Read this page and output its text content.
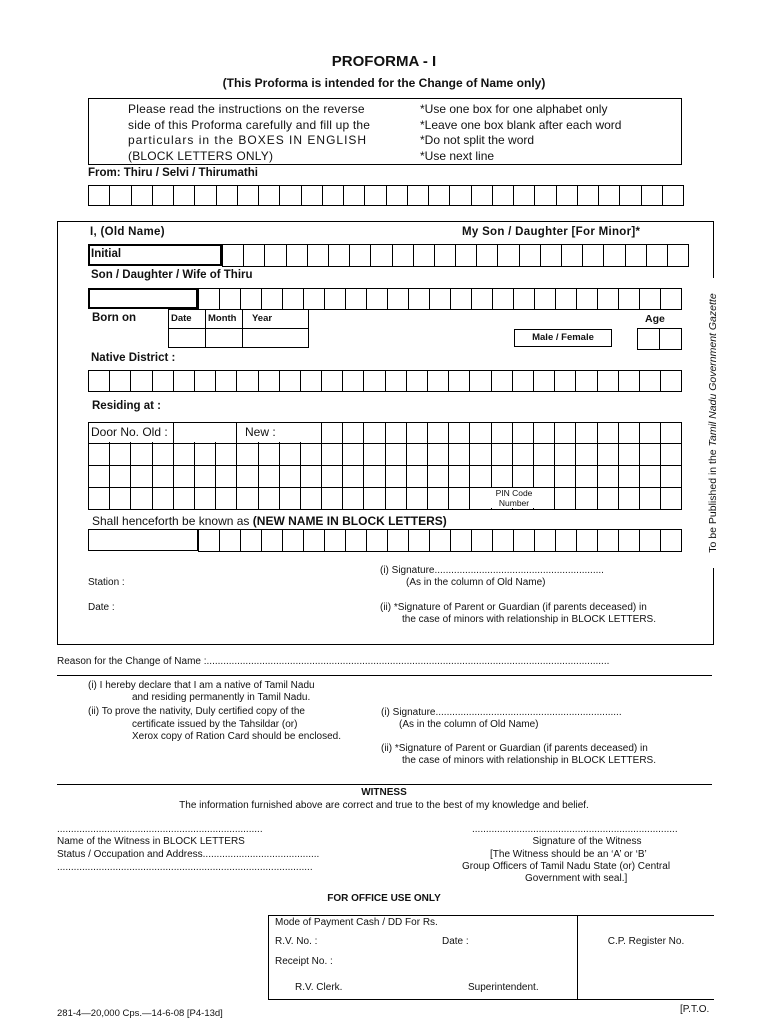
PROFORMA - I
(This Proforma is intended for the Change of Name only)
Please read the instructions on the reverse
side of this Proforma carefully and fill up the
particulars in the BOXES IN ENGLISH
(BLOCK LETTERS ONLY)
*Use one box for one alphabet only
*Leave one box blank after each word
*Do not split the word
*Use next line
From: Thiru / Selvi / Thirumathi
I, (Old Name)	My Son / Daughter [For Minor]*
Initial
Son / Daughter / Wife of Thiru
Born on	Date Month Year	Age
Male / Female
Native District :
Residing at :
Door No. Old :	New :
PIN Code
Number
Shall henceforth be known as (NEW NAME IN BLOCK LETTERS)
(i) Signature.............................................................
(As in the column of Old Name)
(ii) *Signature of Parent or Guardian (if parents deceased) in
the case of minors with relationship in BLOCK LETTERS.
Station :
Date :
To be Published in the Tamil Nadu Government Gazette
Reason for the Change of Name :.................................................................................................................................................
(i) I hereby declare that I am a native of Tamil Nadu
and residing permanently in Tamil Nadu.
(ii) To prove the nativity, Duly certified copy of the
certificate issued by the Tahsildar (or)
Xerox copy of Ration Card should be enclosed.
(i) Signature...................................................................
(As in the column of Old Name)
(ii) *Signature of Parent or Guardian (if parents deceased) in
the case of minors with relationship in BLOCK LETTERS.
WITNESS
The information furnished above are correct and true to the best of my knowledge and belief.
..........................................................................
Name of the Witness in BLOCK LETTERS
Status / Occupation and Address..........................................
............................................................................................
..........................................................................
Signature of the Witness
[The Witness should be an ‘A’ or ‘B’
Group Officers of Tamil Nadu State (or) Central
Government with seal.]
FOR OFFICE USE ONLY
Mode of Payment Cash / DD For Rs.
R.V. No. :	Date :
Receipt No. :
R.V. Clerk.	Superintendent.
C.P. Register No.
281-4—20,000 Cps.—14-6-08 [P4-13d]	[P.T.O.
